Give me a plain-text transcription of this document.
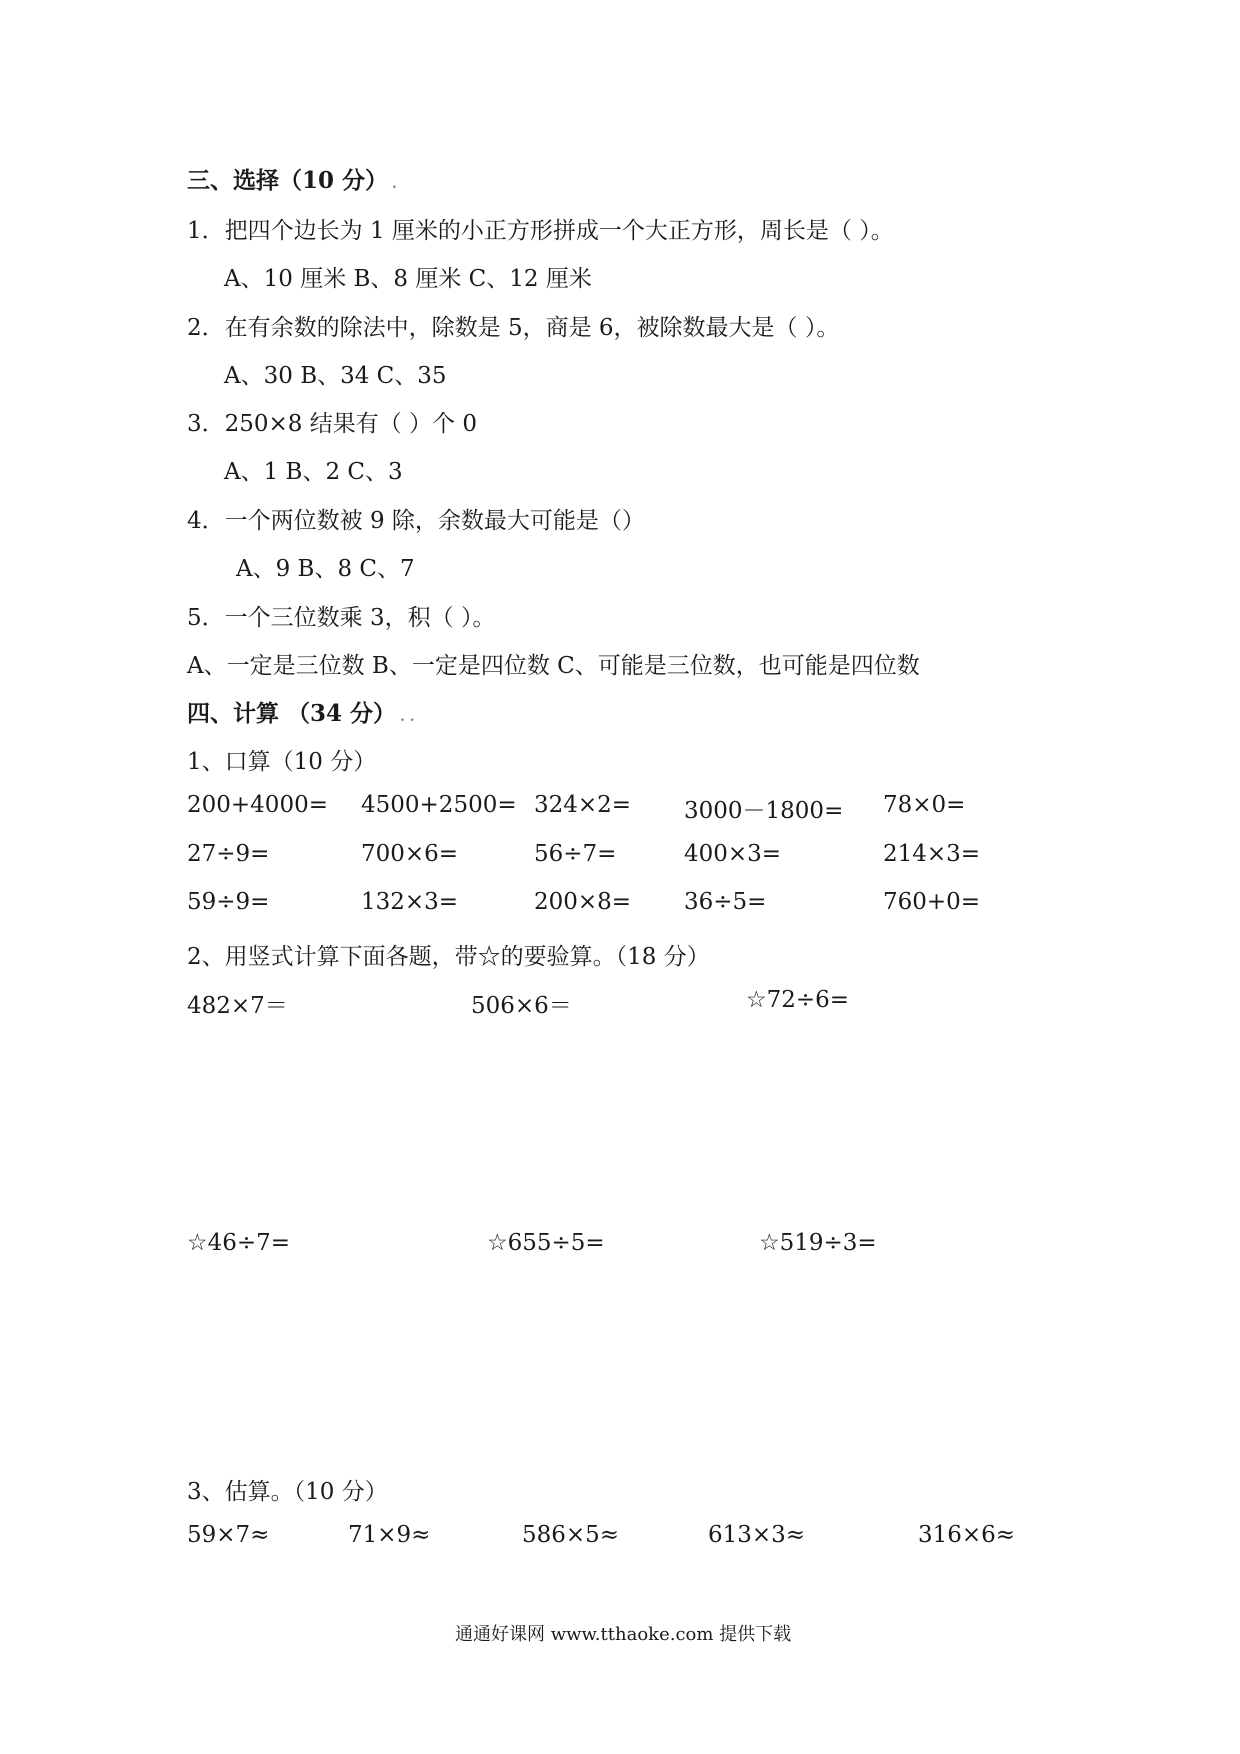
三、选择（10 分） .
1．把四个边长为 1 厘米的小正方形拼成一个大正方形，周长是（ ）。
A、10 厘米 B、8 厘米 C、12 厘米
2．在有余数的除法中，除数是 5，商是 6，被除数最大是（ ）。
A、30 B、34 C、35
3．250×8 结果有（ ）个 0
A、1 B、2 C、3
4．一个两位数被 9 除，余数最大可能是（）
A、9 B、8 C、7
5．一个三位数乘 3，积（ ）。
A、一定是三位数 B、一定是四位数 C、可能是三位数，也可能是四位数
四、计算 （34 分） . .
1、口算（10 分）
200+4000= 4500+2500= 324×2= 3000－1800= 78×0=
27÷9=	700×6=	56÷7=	400×3=	214×3=
59÷9=	132×3=	200×8= 36÷5=	760+0=
2、用竖式计算下面各题，带☆的要验算。（18 分）
482×7＝	506×6＝	☆72÷6=
☆46÷7=	☆655÷5=	☆519÷3=
3、估算。（10 分）
59×7≈	71×9≈	586×5≈	613×3≈	316×6≈
通通好课网 www.tthaoke.com 提供下载
